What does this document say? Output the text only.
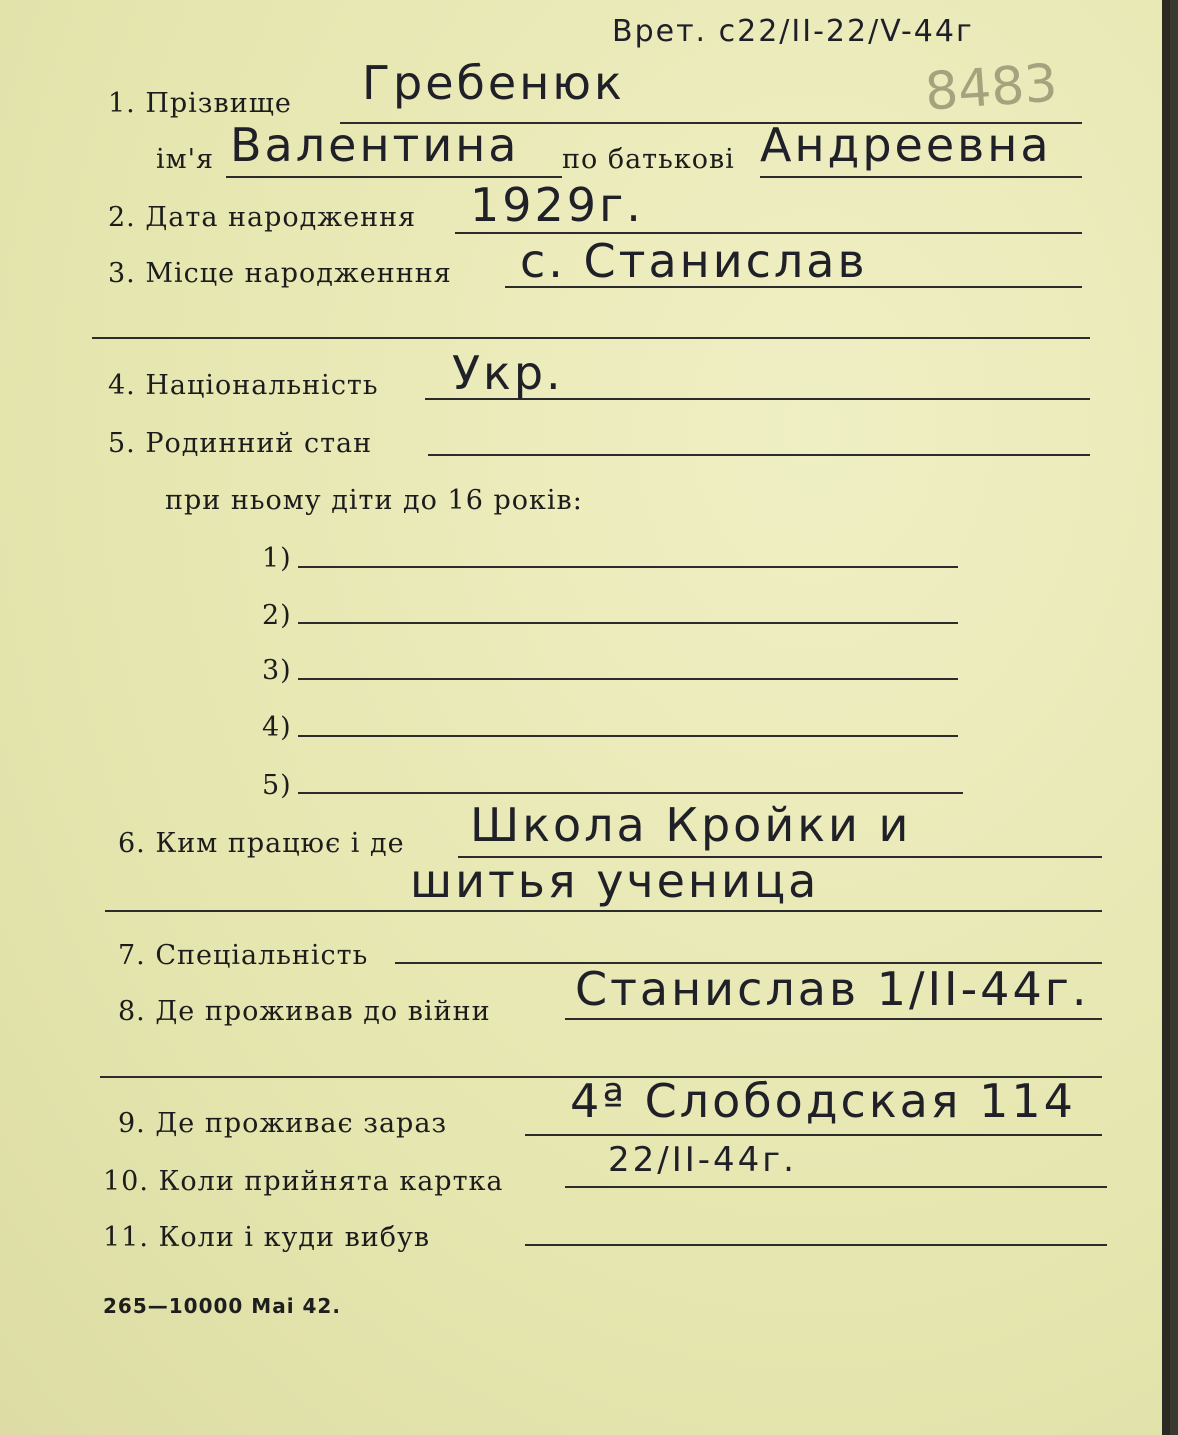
Врет. с22/II-22/V-44г
8483
1. Прізвище Гребенюк
ім'я Валентина по батькові Андреевна
2. Дата народження 1929г.
3. Місце народженння с. Станислав
4. Національність Укр.
5. Родинний стан
при ньому діти до 16 років:
1)
2)
3)
4)
5)
6. Ким працює і де Школа Кройки и
шитья ученица
7. Спеціальність
8. Де проживав до війни Станислав 1/II-44г.
9. Де проживає зараз	4ª Слободская 114
10. Коли прийнята картка
22/II-44г.
11. Коли і куди вибув
265—10000 Mai 42.
